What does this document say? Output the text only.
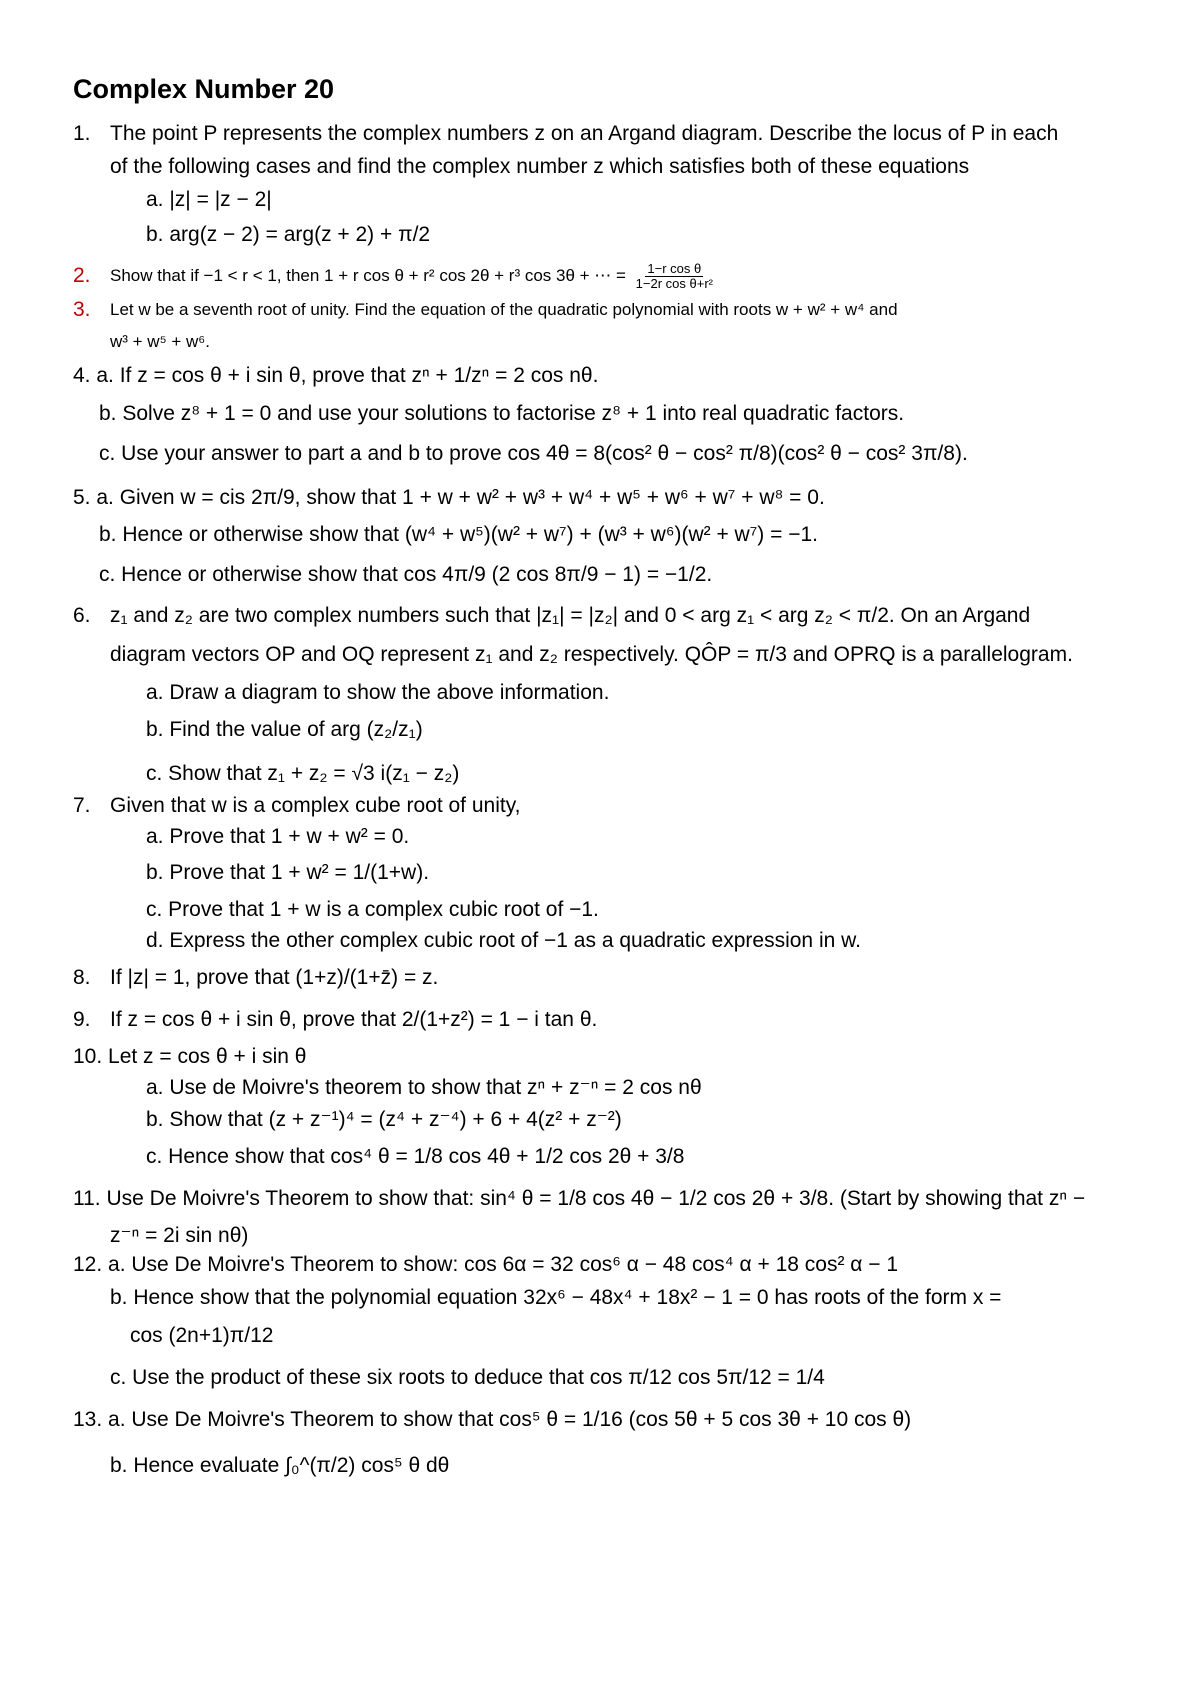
Complex Number 20
1. The point P represents the complex numbers z on an Argand diagram. Describe the locus of P in each
of the following cases and find the complex number z which satisfies both of these equations
a. |z| = |z − 2|
b. arg(z − 2) = arg(z + 2) + π/2
2. Show that if −1 < r < 1, then 1 + r cos θ + r² cos 2θ + r³ cos 3θ + ⋯ = $\frac{\text{1−r cos θ}}{\text{1−2r cos θ+r²}}$
3. Let w be a seventh root of unity. Find the equation of the quadratic polynomial with roots w + w² + w⁴ and
w³ + w⁵ + w⁶.
4. a. If z = cos θ + i sin θ, prove that zⁿ + 1/zⁿ = 2 cos nθ.
b. Solve z⁸ + 1 = 0 and use your solutions to factorise z⁸ + 1 into real quadratic factors.
c. Use your answer to part a and b to prove cos 4θ = 8(cos² θ − cos² π/8)(cos² θ − cos² 3π/8).
5. a. Given w = cis 2π/9, show that 1 + w + w² + w³ + w⁴ + w⁵ + w⁶ + w⁷ + w⁸ = 0.
b. Hence or otherwise show that (w⁴ + w⁵)(w² + w⁷) + (w³ + w⁶)(w² + w⁷) = −1.
c. Hence or otherwise show that cos 4π/9 (2 cos 8π/9 − 1) = −1/2.
6. z₁ and z₂ are two complex numbers such that |z₁| = |z₂| and 0 < arg z₁ < arg z₂ < π/2. On an Argand
diagram vectors OP and OQ represent z₁ and z₂ respectively. QÔP = π/3 and OPRQ is a parallelogram.
a. Draw a diagram to show the above information.
b. Find the value of arg (z₂/z₁)
c. Show that z₁ + z₂ = √3 i(z₁ − z₂)
7. Given that w is a complex cube root of unity,
a. Prove that 1 + w + w² = 0.
b. Prove that 1 + w² = 1/(1+w).
c. Prove that 1 + w is a complex cubic root of −1.
d. Express the other complex cubic root of −1 as a quadratic expression in w.
8. If |z| = 1, prove that (1+z)/(1+z̄) = z.
9. If z = cos θ + i sin θ, prove that 2/(1+z²) = 1 − i tan θ.
10. Let z = cos θ + i sin θ
a. Use de Moivre's theorem to show that zⁿ + z⁻ⁿ = 2 cos nθ
b. Show that (z + z⁻¹)⁴ = (z⁴ + z⁻⁴) + 6 + 4(z² + z⁻²)
c. Hence show that cos⁴ θ = 1/8 cos 4θ + 1/2 cos 2θ + 3/8
11. Use De Moivre's Theorem to show that: sin⁴ θ = 1/8 cos 4θ − 1/2 cos 2θ + 3/8. (Start by showing that zⁿ −
z⁻ⁿ = 2i sin nθ)
12. a. Use De Moivre's Theorem to show: cos 6α = 32 cos⁶ α − 48 cos⁴ α + 18 cos² α − 1
b. Hence show that the polynomial equation 32x⁶ − 48x⁴ + 18x² − 1 = 0 has roots of the form x =
cos (2n+1)π/12
c. Use the product of these six roots to deduce that cos π/12 cos 5π/12 = 1/4
13. a. Use De Moivre's Theorem to show that cos⁵ θ = 1/16 (cos 5θ + 5 cos 3θ + 10 cos θ)
b. Hence evaluate ∫₀^(π/2) cos⁵ θ dθ
